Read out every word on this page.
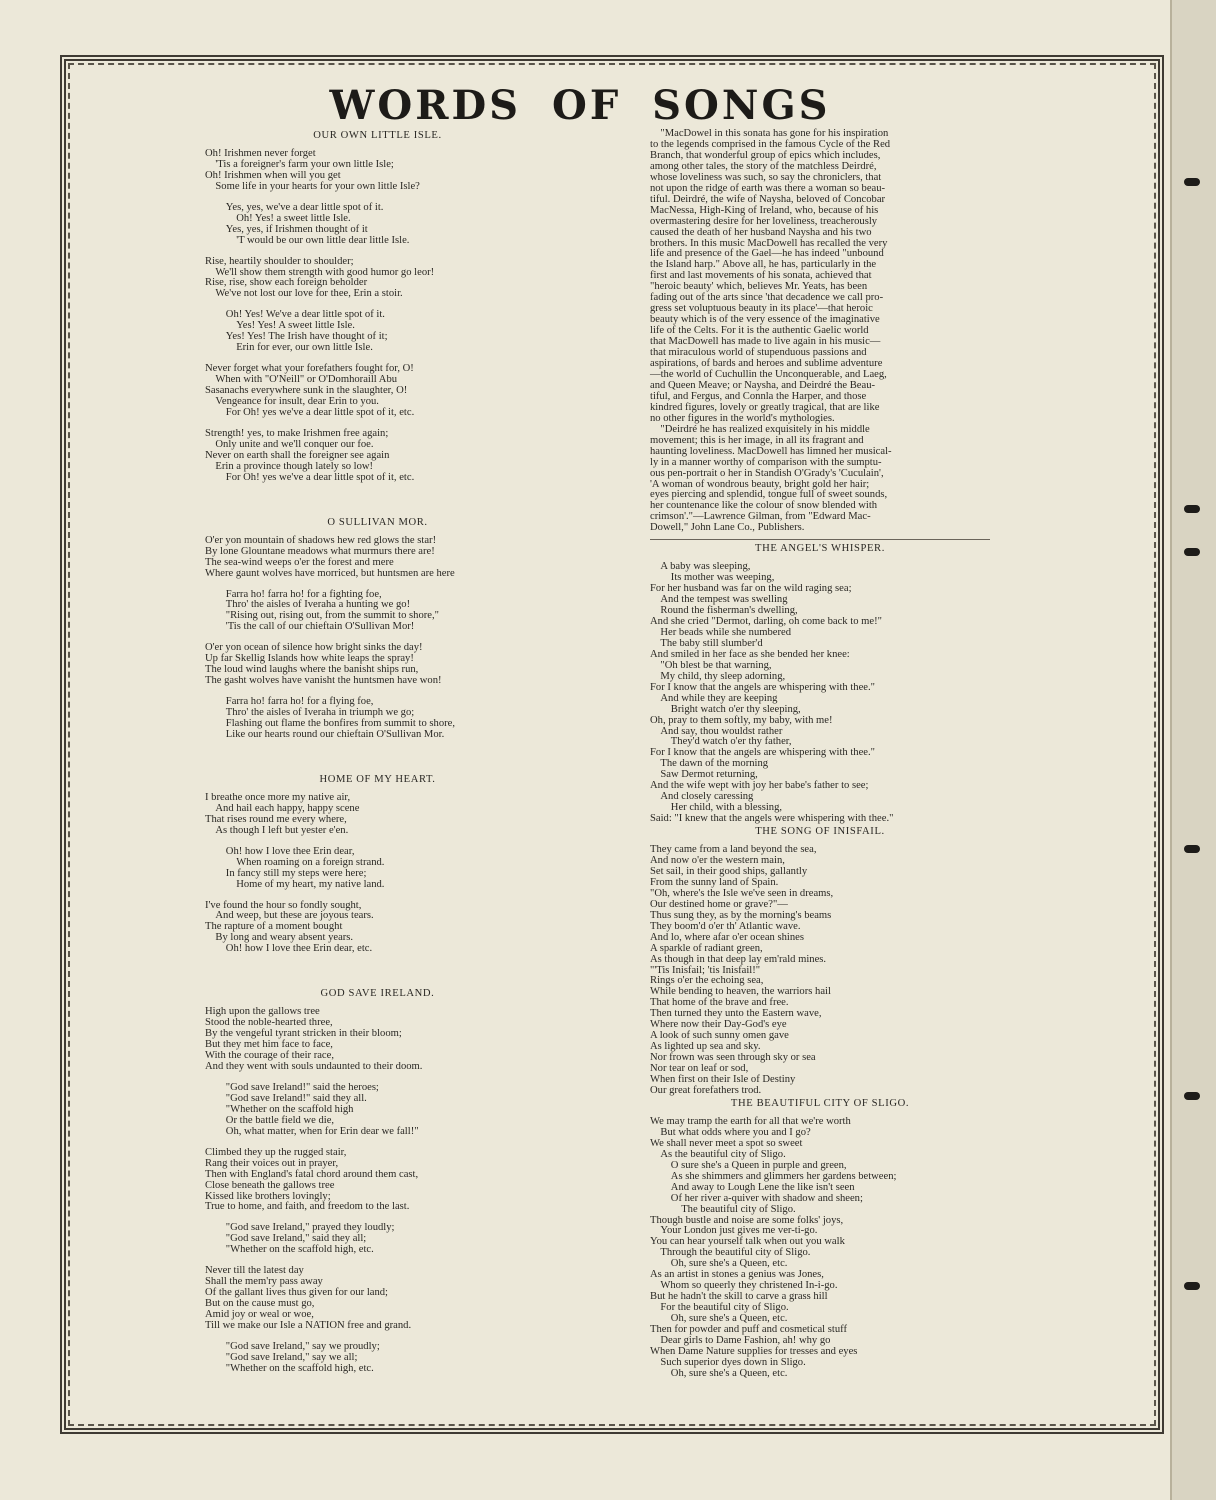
WORDS OF SONGS
OUR OWN LITTLE ISLE.
Oh! Irishmen never forget
'Tis a foreigner's farm your own little Isle;
Oh! Irishmen when will you get
Some life in your hearts for your own little Isle?
Yes, yes, we've a dear little spot of it.
Oh! Yes! a sweet little Isle.
Yes, yes, if Irishmen thought of it
'T would be our own little dear little Isle.
Rise, heartily shoulder to shoulder;
We'll show them strength with good humor go leor!
Rise, rise, show each foreign beholder
We've not lost our love for thee, Erin a stoir.
Oh! Yes! We've a dear little spot of it.
Yes! Yes! A sweet little Isle.
Yes! Yes! The Irish have thought of it;
Erin for ever, our own little Isle.
Never forget what your forefathers fought for, O!
When with "O'Neill" or O'Domhoraill Abu
Sasanachs everywhere sunk in the slaughter, O!
Vengeance for insult, dear Erin to you.
For Oh! yes we've a dear little spot of it, etc.
Strength! yes, to make Irishmen free again;
Only unite and we'll conquer our foe.
Never on earth shall the foreigner see again
Erin a province though lately so low!
For Oh! yes we've a dear little spot of it, etc.
O SULLIVAN MOR.
O'er yon mountain of shadows hew red glows the star!
By lone Glountane meadows what murmurs there are!
The sea-wind weeps o'er the forest and mere
Where gaunt wolves have morriced, but huntsmen are here
Farra ho! farra ho! for a fighting foe,
Thro' the aisles of Iveraha a hunting we go!
"Rising out, rising out, from the summit to shore,"
'Tis the call of our chieftain O'Sullivan Mor!
O'er yon ocean of silence how bright sinks the day!
Up far Skellig Islands how white leaps the spray!
The loud wind laughs where the banisht ships run,
The gasht wolves have vanisht the huntsmen have won!
Farra ho! farra ho! for a flying foe,
Thro' the aisles of Iveraha in triumph we go;
Flashing out flame the bonfires from summit to shore,
Like our hearts round our chieftain O'Sullivan Mor.
HOME OF MY HEART.
I breathe once more my native air,
And hail each happy, happy scene
That rises round me every where,
As though I left but yester e'en.
Oh! how I love thee Erin dear,
When roaming on a foreign strand.
In fancy still my steps were here;
Home of my heart, my native land.
I've found the hour so fondly sought,
And weep, but these are joyous tears.
The rapture of a moment bought
By long and weary absent years.
Oh! how I love thee Erin dear, etc.
GOD SAVE IRELAND.
High upon the gallows tree
Stood the noble-hearted three,
By the vengeful tyrant stricken in their bloom;
But they met him face to face,
With the courage of their race,
And they went with souls undaunted to their doom.
"God save Ireland!" said the heroes;
"God save Ireland!" said they all.
"Whether on the scaffold high
Or the battle field we die,
Oh, what matter, when for Erin dear we fall!"
Climbed they up the rugged stair,
Rang their voices out in prayer,
Then with England's fatal chord around them cast,
Close beneath the gallows tree
Kissed like brothers lovingly;
True to home, and faith, and freedom to the last.
"God save Ireland," prayed they loudly;
"God save Ireland," said they all;
"Whether on the scaffold high, etc.
Never till the latest day
Shall the mem'ry pass away
Of the gallant lives thus given for our land;
But on the cause must go,
Amid joy or weal or woe,
Till we make our Isle a NATION free and grand.
"God save Ireland," say we proudly;
"God save Ireland," say we all;
"Whether on the scaffold high, etc.
"MacDowel in this sonata has gone for his inspiration
to the legends comprised in the famous Cycle of the Red
Branch, that wonderful group of epics which includes,
among other tales, the story of the matchless Deirdré,
whose loveliness was such, so say the chroniclers, that
not upon the ridge of earth was there a woman so beau-
tiful. Deirdré, the wife of Naysha, beloved of Concobar
MacNessa, High-King of Ireland, who, because of his
overmastering desire for her loveliness, treacherously
caused the death of her husband Naysha and his two
brothers. In this music MacDowell has recalled the very
life and presence of the Gael—he has indeed "unbound
the Island harp." Above all, he has, particularly in the
first and last movements of his sonata, achieved that
"heroic beauty' which, believes Mr. Yeats, has been
fading out of the arts since 'that decadence we call pro-
gress set voluptuous beauty in its place'—that heroic
beauty which is of the very essence of the imaginative
life of the Celts. For it is the authentic Gaelic world
that MacDowell has made to live again in his music—
that miraculous world of stupenduous passions and
aspirations, of bards and heroes and sublime adventure
—the world of Cuchullin the Unconquerable, and Laeg,
and Queen Meave; or Naysha, and Deirdré the Beau-
tiful, and Fergus, and Connla the Harper, and those
kindred figures, lovely or greatly tragical, that are like
no other figures in the world's mythologies.
"Deirdré he has realized exquisitely in his middle
movement; this is her image, in all its fragrant and
haunting loveliness. MacDowell has limned her musical-
ly in a manner worthy of comparison with the sumptu-
ous pen-portrait o her in Standish O'Grady's 'Cuculain',
'A woman of wondrous beauty, bright gold her hair;
eyes piercing and splendid, tongue full of sweet sounds,
her countenance like the colour of snow blended with
crimson'."—Lawrence Gilman, from "Edward Mac-
Dowell," John Lane Co., Publishers.
THE ANGEL'S WHISPER.
A baby was sleeping,
Its mother was weeping,
For her husband was far on the wild raging sea;
And the tempest was swelling
Round the fisherman's dwelling,
And she cried "Dermot, darling, oh come back to me!"
Her beads while she numbered
The baby still slumber'd
And smiled in her face as she bended her knee:
"Oh blest be that warning,
My child, thy sleep adorning,
For I know that the angels are whispering with thee."
And while they are keeping
Bright watch o'er thy sleeping,
Oh, pray to them softly, my baby, with me!
And say, thou wouldst rather
They'd watch o'er thy father,
For I know that the angels are whispering with thee."
The dawn of the morning
Saw Dermot returning,
And the wife wept with joy her babe's father to see;
And closely caressing
Her child, with a blessing,
Said: "I knew that the angels were whispering with thee."
THE SONG OF INISFAIL.
They came from a land beyond the sea,
And now o'er the western main,
Set sail, in their good ships, gallantly
From the sunny land of Spain.
"Oh, where's the Isle we've seen in dreams,
Our destined home or grave?"—
Thus sung they, as by the morning's beams
They boom'd o'er th' Atlantic wave.
And lo, where afar o'er ocean shines
A sparkle of radiant green,
As though in that deep lay em'rald mines.
"'Tis Inisfail; 'tis Inisfail!"
Rings o'er the echoing sea,
While bending to heaven, the warriors hail
That home of the brave and free.
Then turned they unto the Eastern wave,
Where now their Day-God's eye
A look of such sunny omen gave
As lighted up sea and sky.
Nor frown was seen through sky or sea
Nor tear on leaf or sod,
When first on their Isle of Destiny
Our great forefathers trod.
THE BEAUTIFUL CITY OF SLIGO.
We may tramp the earth for all that we're worth
But what odds where you and I go?
We shall never meet a spot so sweet
As the beautiful city of Sligo.
O sure she's a Queen in purple and green,
As she shimmers and glimmers her gardens between;
And away to Lough Lene the like isn't seen
Of her river a-quiver with shadow and sheen;
The beautiful city of Sligo.
Though bustle and noise are some folks' joys,
Your London just gives me ver-ti-go.
You can hear yourself talk when out you walk
Through the beautiful city of Sligo.
Oh, sure she's a Queen, etc.
As an artist in stones a genius was Jones,
Whom so queerly they christened In-i-go.
But he hadn't the skill to carve a grass hill
For the beautiful city of Sligo.
Oh, sure she's a Queen, etc.
Then for powder and puff and cosmetical stuff
Dear girls to Dame Fashion, ah! why go
When Dame Nature supplies for tresses and eyes
Such superior dyes down in Sligo.
Oh, sure she's a Queen, etc.
